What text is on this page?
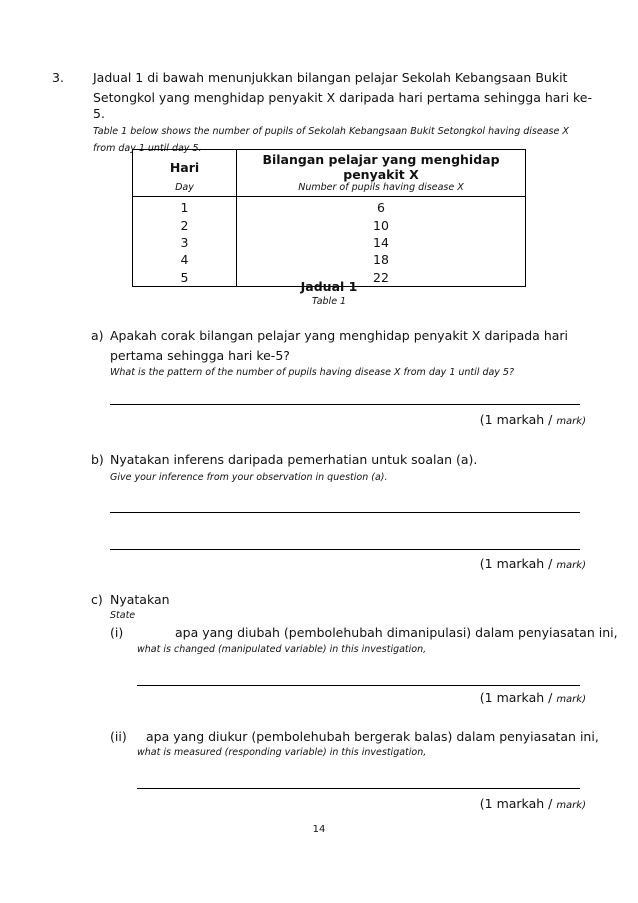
3. Jadual 1 di bawah menunjukkan bilangan pelajar Sekolah Kebangsaan Bukit
Setongkol yang menghidap penyakit X daripada hari pertama sehingga hari ke-5.
Table 1 below shows the number of pupils of Sekolah Kebangsaan Bukit Setongkol having disease X
from day 1 until day 5.
Hari	Bilangan pelajar yang menghidap penyakit X
Day	Number of pupils having disease X
1	6
2	10
3	14
4	18
5	22
Jadual 1
Table 1
a) Apakah corak bilangan pelajar yang menghidap penyakit X daripada hari
pertama sehingga hari ke-5?
What is the pattern of the number of pupils having disease X from day 1 until day 5?
(1 markah / mark)
b) Nyatakan inferens daripada pemerhatian untuk soalan (a).
Give your inference from your observation in question (a).
(1 markah / mark)
c) Nyatakan
State
(i)	apa yang diubah (pembolehubah dimanipulasi) dalam penyiasatan ini,
what is changed (manipulated variable) in this investigation,
(1 markah / mark)
(ii) apa yang diukur (pembolehubah bergerak balas) dalam penyiasatan ini,
what is measured (responding variable) in this investigation,
(1 markah / mark)
14
